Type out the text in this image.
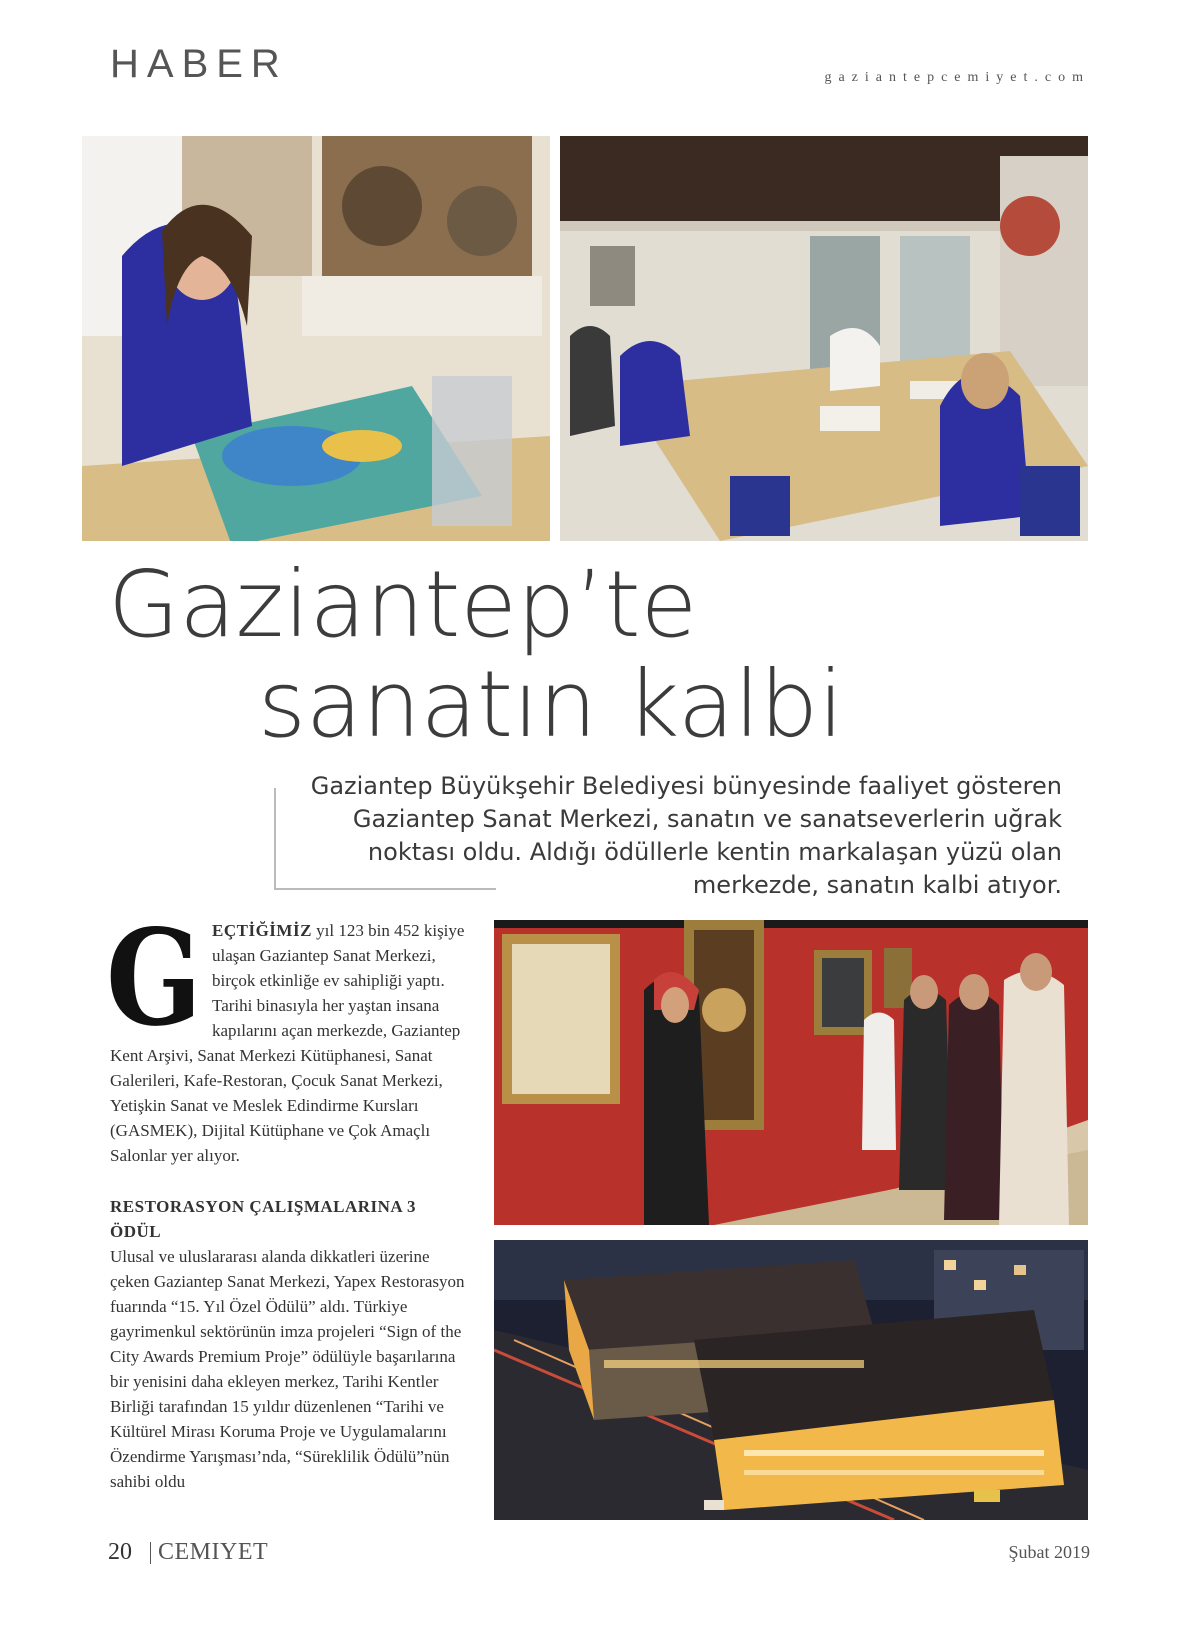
HABER	gaziantepcemiyet.com
Gaziantep’te
sanatın kalbi

Gaziantep Büyükşehir Belediyesi bünyesinde faaliyet gösteren Gaziantep Sanat Merkezi, sanatın ve sanatseverlerin uğrak noktası oldu. Aldığı ödüllerle kentin markalaşan yüzü olan merkezde, sanatın kalbi atıyor.

G EÇTİĞİMİZ yıl 123 bin 452 kişiye ulaşan Gaziantep Sanat Merkezi, birçok etkinliğe ev sahipliği yaptı. Tarihi binasıyla her yaştan insana kapılarını açan merkezde, Gaziantep Kent Arşivi, Sanat Merkezi Kütüphanesi, Sanat Galerileri, Kafe-Restoran, Çocuk Sanat Merkezi, Yetişkin Sanat ve Meslek Edindirme Kursları (GASMEK), Dijital Kütüphane ve Çok Amaçlı Salonlar yer alıyor.

RESTORASYON ÇALIŞMALARINA 3 ÖDÜL

Ulusal ve uluslararası alanda dikkatleri üzerine çeken Gaziantep Sanat Merkezi, Yapex Restorasyon fuarında “15. Yıl Özel Ödülü” aldı. Türkiye gayrimenkul sektörünün imza projeleri “Sign of the City Awards Premium Proje” ödülüyle başarılarına bir yenisini daha ekleyen merkez, Tarihi Kentler Birliği tarafından 15 yıldır düzenlenen “Tarihi ve Kültürel Mirası Koruma Proje ve Uygulamalarını Özendirme Yarışması’nda, “Süreklilik Ödülü”nün sahibi oldu

20 CEMIYET	Şubat 2019
